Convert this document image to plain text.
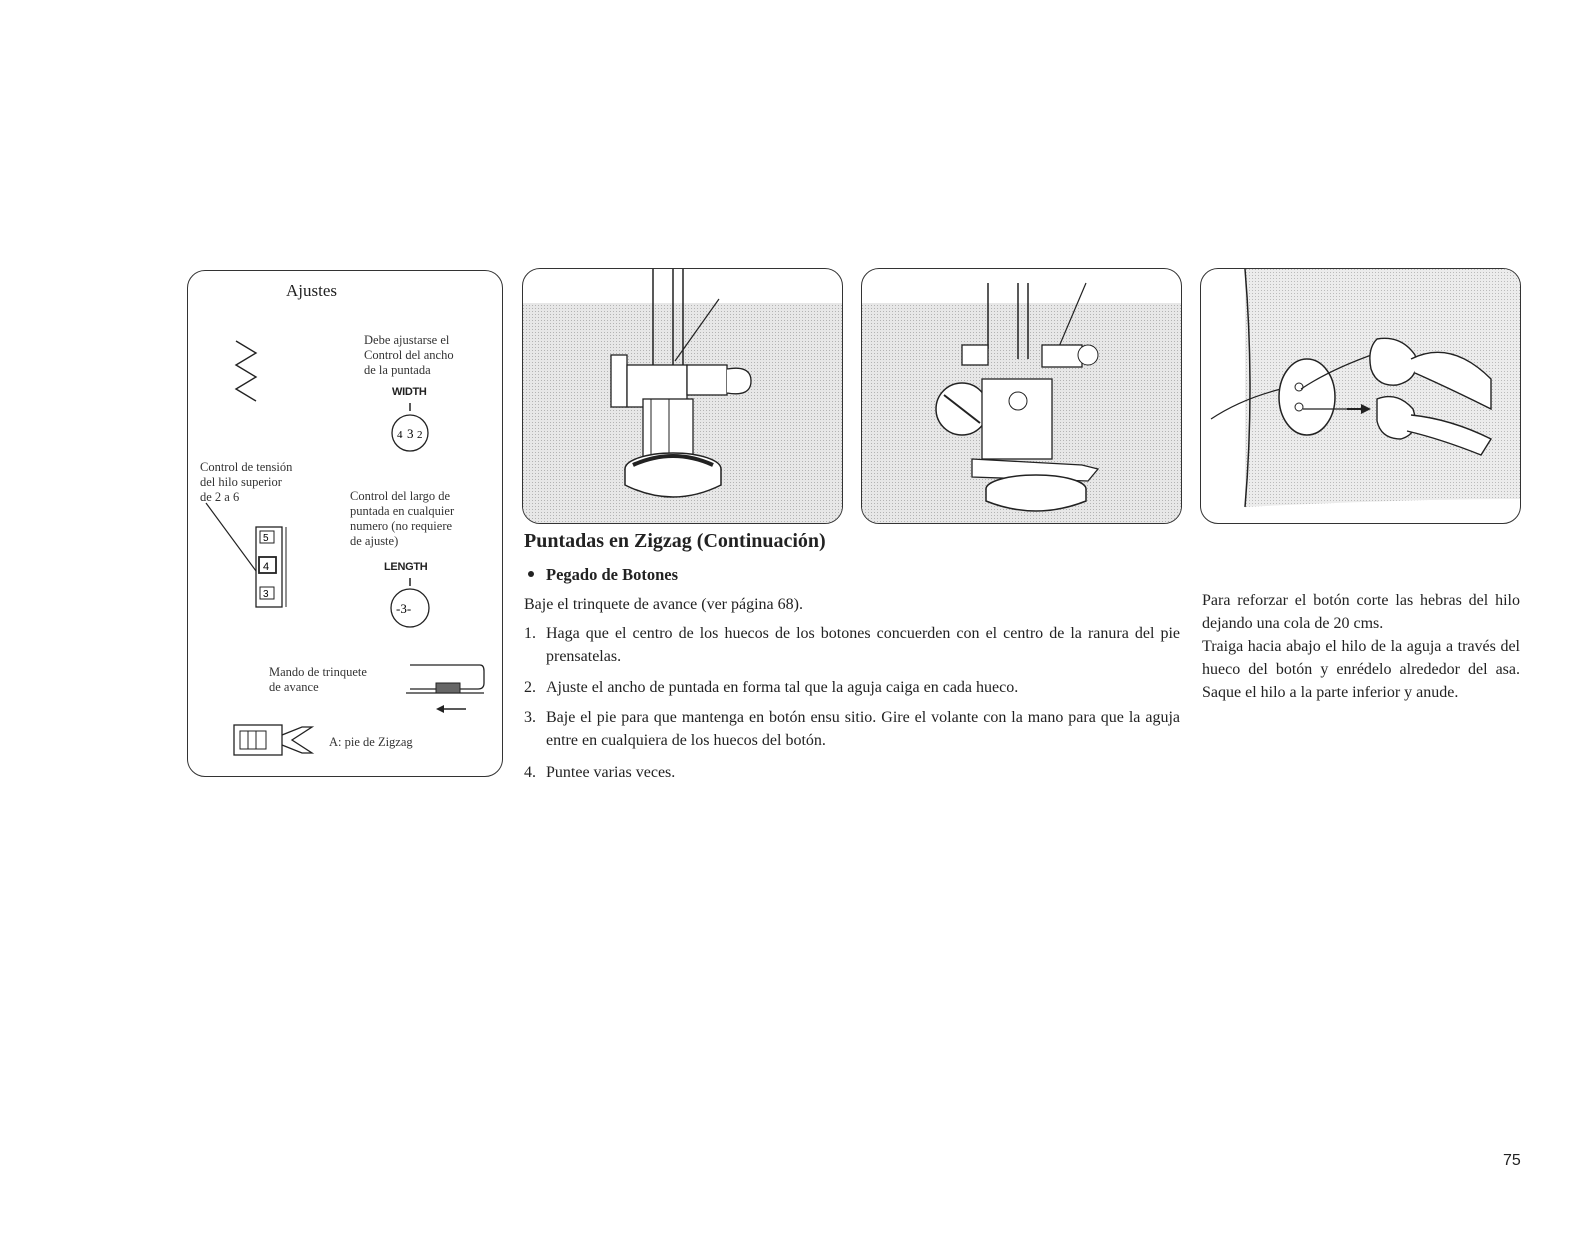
Ajustes
Debe ajustarse el
Control del ancho
de la puntada
WIDTH
4 3 2
Control de tensión
del hilo superior
de 2 a 6
5
4
3
Control del largo de
puntada en cualquier
numero (no requiere
de ajuste)
LENGTH
-3-
Mando de trinquete
de avance
A: pie de Zigzag
Puntadas en Zigzag (Continuación)
Pegado de Botones
Baje el trinquete de avance (ver página 68).
1. Haga que el centro de los huecos de los botones concuerden con el centro de la ranura del pie prensatelas.
2. Ajuste el ancho de puntada en forma tal que la aguja caiga en cada hueco.
3. Baje el pie para que mantenga en botón ensu sitio. Gire el volante con la mano para que la aguja entre en cualquiera de los huecos del botón.
4. Puntee varias veces.
Para reforzar el botón corte las hebras del hilo dejando una cola de 20 cms.
Traiga hacia abajo el hilo de la aguja a través del hueco del botón y enrédelo alrededor del asa. Saque el hilo a la parte inferior y anude.
75
